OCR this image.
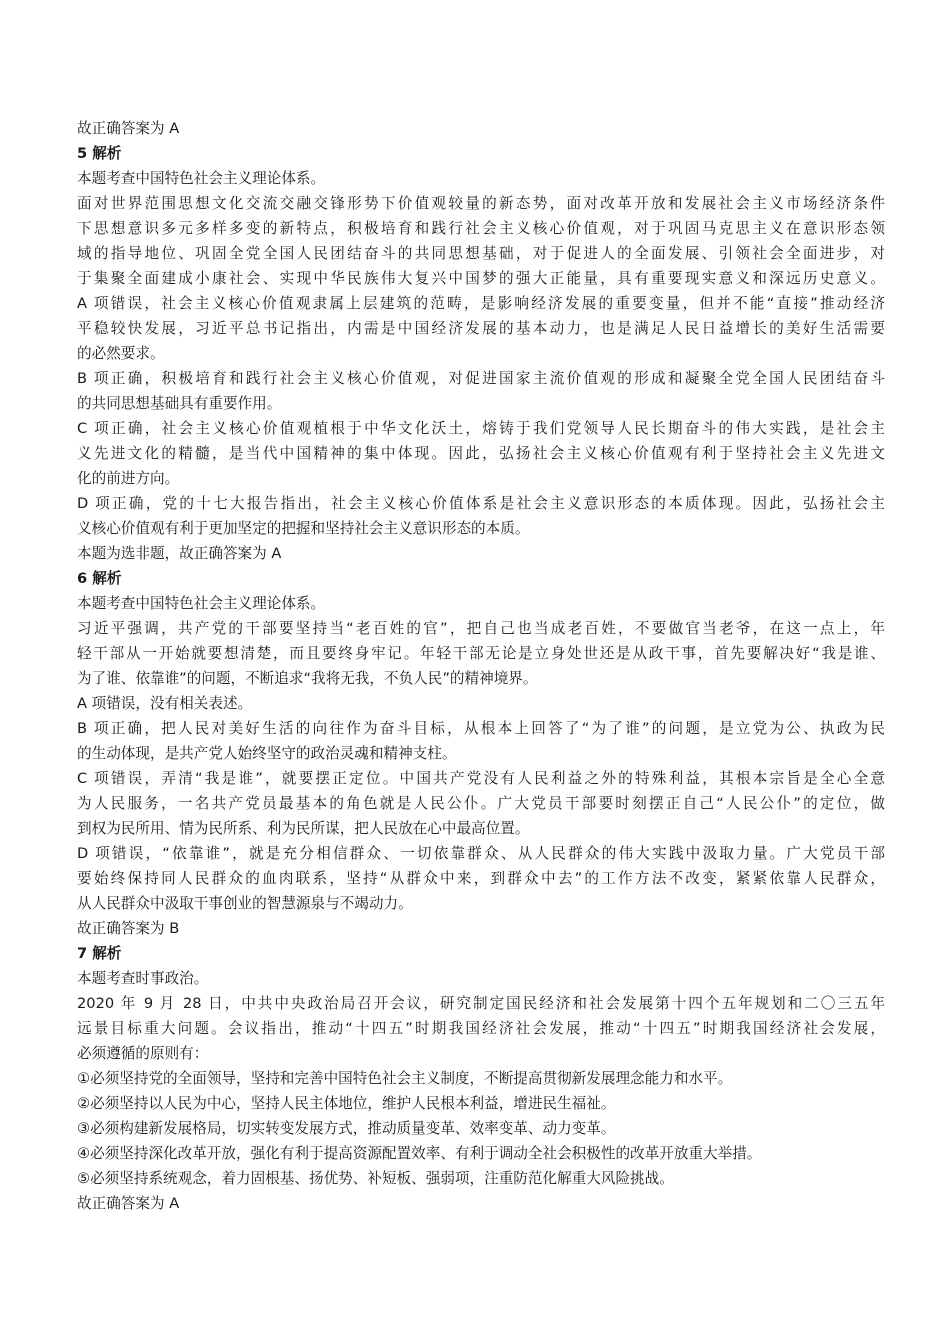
故正确答案为 A
5 解析
本题考查中国特色社会主义理论体系。
面对世界范围思想文化交流交融交锋形势下价值观较量的新态势，面对改革开放和发展社会主义市场经济条件
下思想意识多元多样多变的新特点，积极培育和践行社会主义核心价值观，对于巩固马克思主义在意识形态领
域的指导地位、巩固全党全国人民团结奋斗的共同思想基础，对于促进人的全面发展、引领社会全面进步，对
于集聚全面建成小康社会、实现中华民族伟大复兴中国梦的强大正能量，具有重要现实意义和深远历史意义。
A 项错误，社会主义核心价值观隶属上层建筑的范畴，是影响经济发展的重要变量，但并不能“直接”推动经济
平稳较快发展，习近平总书记指出，内需是中国经济发展的基本动力，也是满足人民日益增长的美好生活需要
的必然要求。
B 项正确，积极培育和践行社会主义核心价值观，对促进国家主流价值观的形成和凝聚全党全国人民团结奋斗
的共同思想基础具有重要作用。
C 项正确，社会主义核心价值观植根于中华文化沃土，熔铸于我们党领导人民长期奋斗的伟大实践，是社会主
义先进文化的精髓，是当代中国精神的集中体现。因此，弘扬社会主义核心价值观有利于坚持社会主义先进文
化的前进方向。
D 项正确，党的十七大报告指出，社会主义核心价值体系是社会主义意识形态的本质体现。因此，弘扬社会主
义核心价值观有利于更加坚定的把握和坚持社会主义意识形态的本质。
本题为选非题，故正确答案为 A
6 解析
本题考查中国特色社会主义理论体系。
习近平强调，共产党的干部要坚持当“老百姓的官”，把自己也当成老百姓，不要做官当老爷，在这一点上，年
轻干部从一开始就要想清楚，而且要终身牢记。年轻干部无论是立身处世还是从政干事，首先要解决好“我是谁、
为了谁、依靠谁”的问题，不断追求“我将无我，不负人民”的精神境界。
A 项错误，没有相关表述。
B 项正确，把人民对美好生活的向往作为奋斗目标，从根本上回答了“为了谁”的问题，是立党为公、执政为民
的生动体现，是共产党人始终坚守的政治灵魂和精神支柱。
C 项错误，弄清“我是谁”，就要摆正定位。中国共产党没有人民利益之外的特殊利益，其根本宗旨是全心全意
为人民服务，一名共产党员最基本的角色就是人民公仆。广大党员干部要时刻摆正自己“人民公仆”的定位，做
到权为民所用、情为民所系、利为民所谋，把人民放在心中最高位置。
D 项错误，“依靠谁”，就是充分相信群众、一切依靠群众、从人民群众的伟大实践中汲取力量。广大党员干部
要始终保持同人民群众的血肉联系，坚持“从群众中来，到群众中去”的工作方法不改变，紧紧依靠人民群众，
从人民群众中汲取干事创业的智慧源泉与不竭动力。
故正确答案为 B
7 解析
本题考查时事政治。
2020 年 9 月 28 日，中共中央政治局召开会议，研究制定国民经济和社会发展第十四个五年规划和二〇三五年
远景目标重大问题。会议指出，推动“十四五”时期我国经济社会发展，推动“十四五”时期我国经济社会发展，
必须遵循的原则有：
①必须坚持党的全面领导，坚持和完善中国特色社会主义制度，不断提高贯彻新发展理念能力和水平。
②必须坚持以人民为中心，坚持人民主体地位，维护人民根本利益，增进民生福祉。
③必须构建新发展格局，切实转变发展方式，推动质量变革、效率变革、动力变革。
④必须坚持深化改革开放，强化有利于提高资源配置效率、有利于调动全社会积极性的改革开放重大举措。
⑤必须坚持系统观念，着力固根基、扬优势、补短板、强弱项，注重防范化解重大风险挑战。
故正确答案为 A
